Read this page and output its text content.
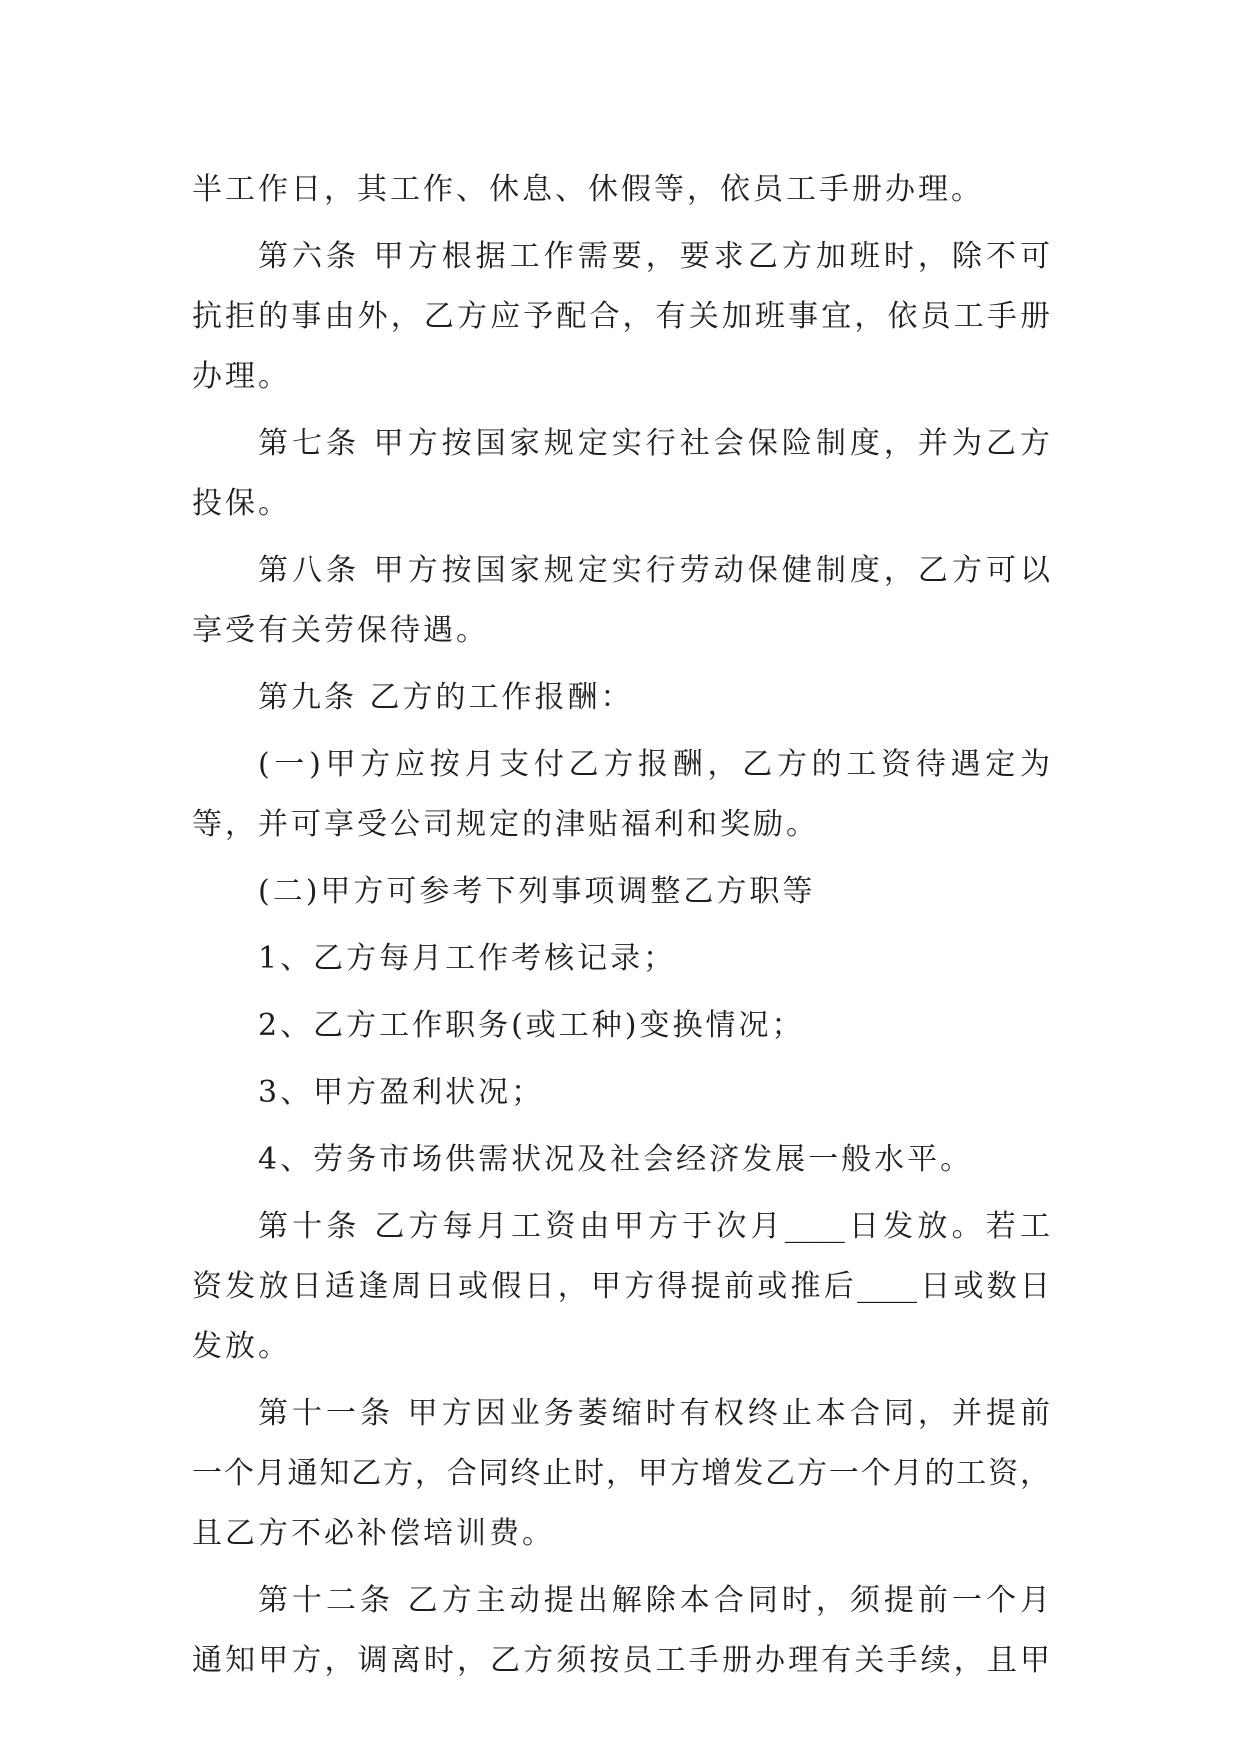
半工作日，其工作、休息、休假等，依员工手册办理。
第六条 甲方根据工作需要，要求乙方加班时，除不可
抗拒的事由外，乙方应予配合，有关加班事宜，依员工手册
办理。
第七条 甲方按国家规定实行社会保险制度，并为乙方
投保。
第八条 甲方按国家规定实行劳动保健制度，乙方可以
享受有关劳保待遇。
第九条 乙方的工作报酬：
(一)甲方应按月支付乙方报酬，乙方的工资待遇定为
等，并可享受公司规定的津贴福利和奖励。
(二)甲方可参考下列事项调整乙方职等
1、乙方每月工作考核记录；
2、乙方工作职务(或工种)变换情况；
3、甲方盈利状况；
4、劳务市场供需状况及社会经济发展一般水平。
第十条 乙方每月工资由甲方于次月____日发放。若工
资发放日适逢周日或假日，甲方得提前或推后____日或数日
发放。
第十一条 甲方因业务萎缩时有权终止本合同，并提前
一个月通知乙方，合同终止时，甲方增发乙方一个月的工资，
且乙方不必补偿培训费。
第十二条 乙方主动提出解除本合同时，须提前一个月
通知甲方，调离时，乙方须按员工手册办理有关手续，且甲
